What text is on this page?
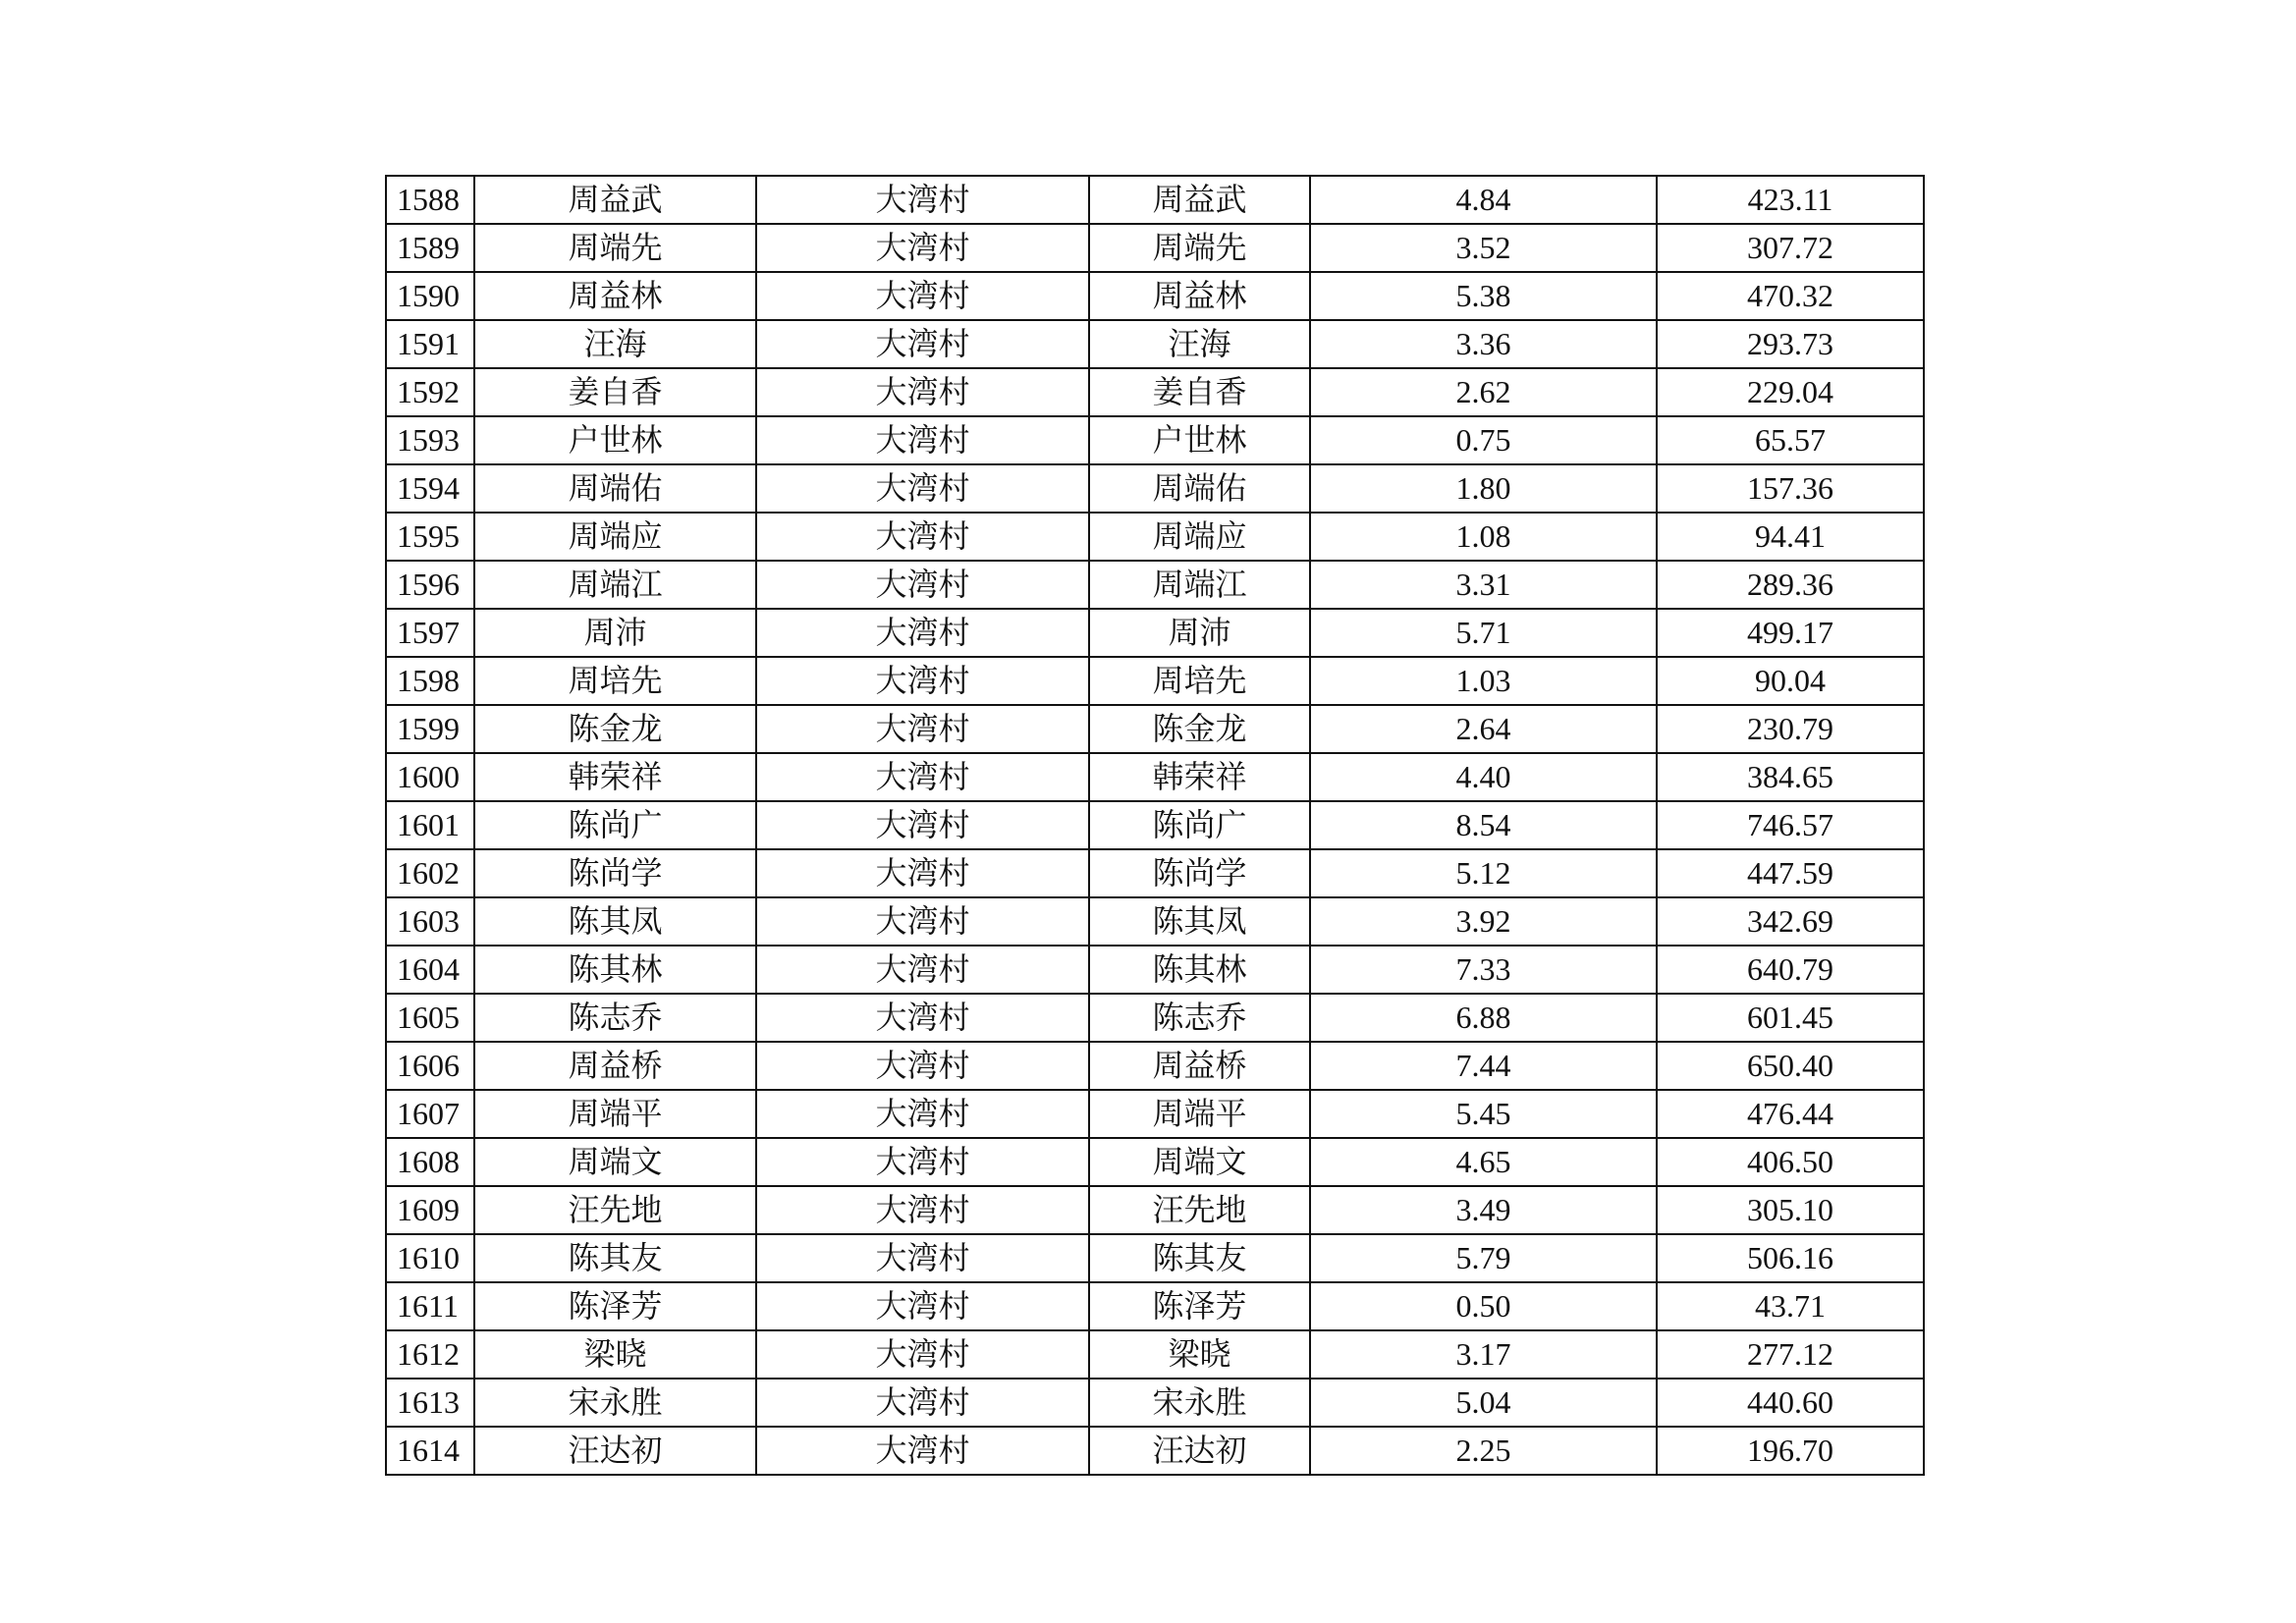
1588	周益武	大湾村	周益武	4.84	423.11
1589	周端先	大湾村	周端先	3.52	307.72
1590	周益林	大湾村	周益林	5.38	470.32
1591	汪海	大湾村	汪海	3.36	293.73
1592	姜自香	大湾村	姜自香	2.62	229.04
1593	户世林	大湾村	户世林	0.75	65.57
1594	周端佑	大湾村	周端佑	1.80	157.36
1595	周端应	大湾村	周端应	1.08	94.41
1596	周端江	大湾村	周端江	3.31	289.36
1597	周沛	大湾村	周沛	5.71	499.17
1598	周培先	大湾村	周培先	1.03	90.04
1599	陈金龙	大湾村	陈金龙	2.64	230.79
1600	韩荣祥	大湾村	韩荣祥	4.40	384.65
1601	陈尚广	大湾村	陈尚广	8.54	746.57
1602	陈尚学	大湾村	陈尚学	5.12	447.59
1603	陈其凤	大湾村	陈其凤	3.92	342.69
1604	陈其林	大湾村	陈其林	7.33	640.79
1605	陈志乔	大湾村	陈志乔	6.88	601.45
1606	周益桥	大湾村	周益桥	7.44	650.40
1607	周端平	大湾村	周端平	5.45	476.44
1608	周端文	大湾村	周端文	4.65	406.50
1609	汪先地	大湾村	汪先地	3.49	305.10
1610	陈其友	大湾村	陈其友	5.79	506.16
1611	陈泽芳	大湾村	陈泽芳	0.50	43.71
1612	梁晓	大湾村	梁晓	3.17	277.12
1613	宋永胜	大湾村	宋永胜	5.04	440.60
1614	汪达初	大湾村	汪达初	2.25	196.70
